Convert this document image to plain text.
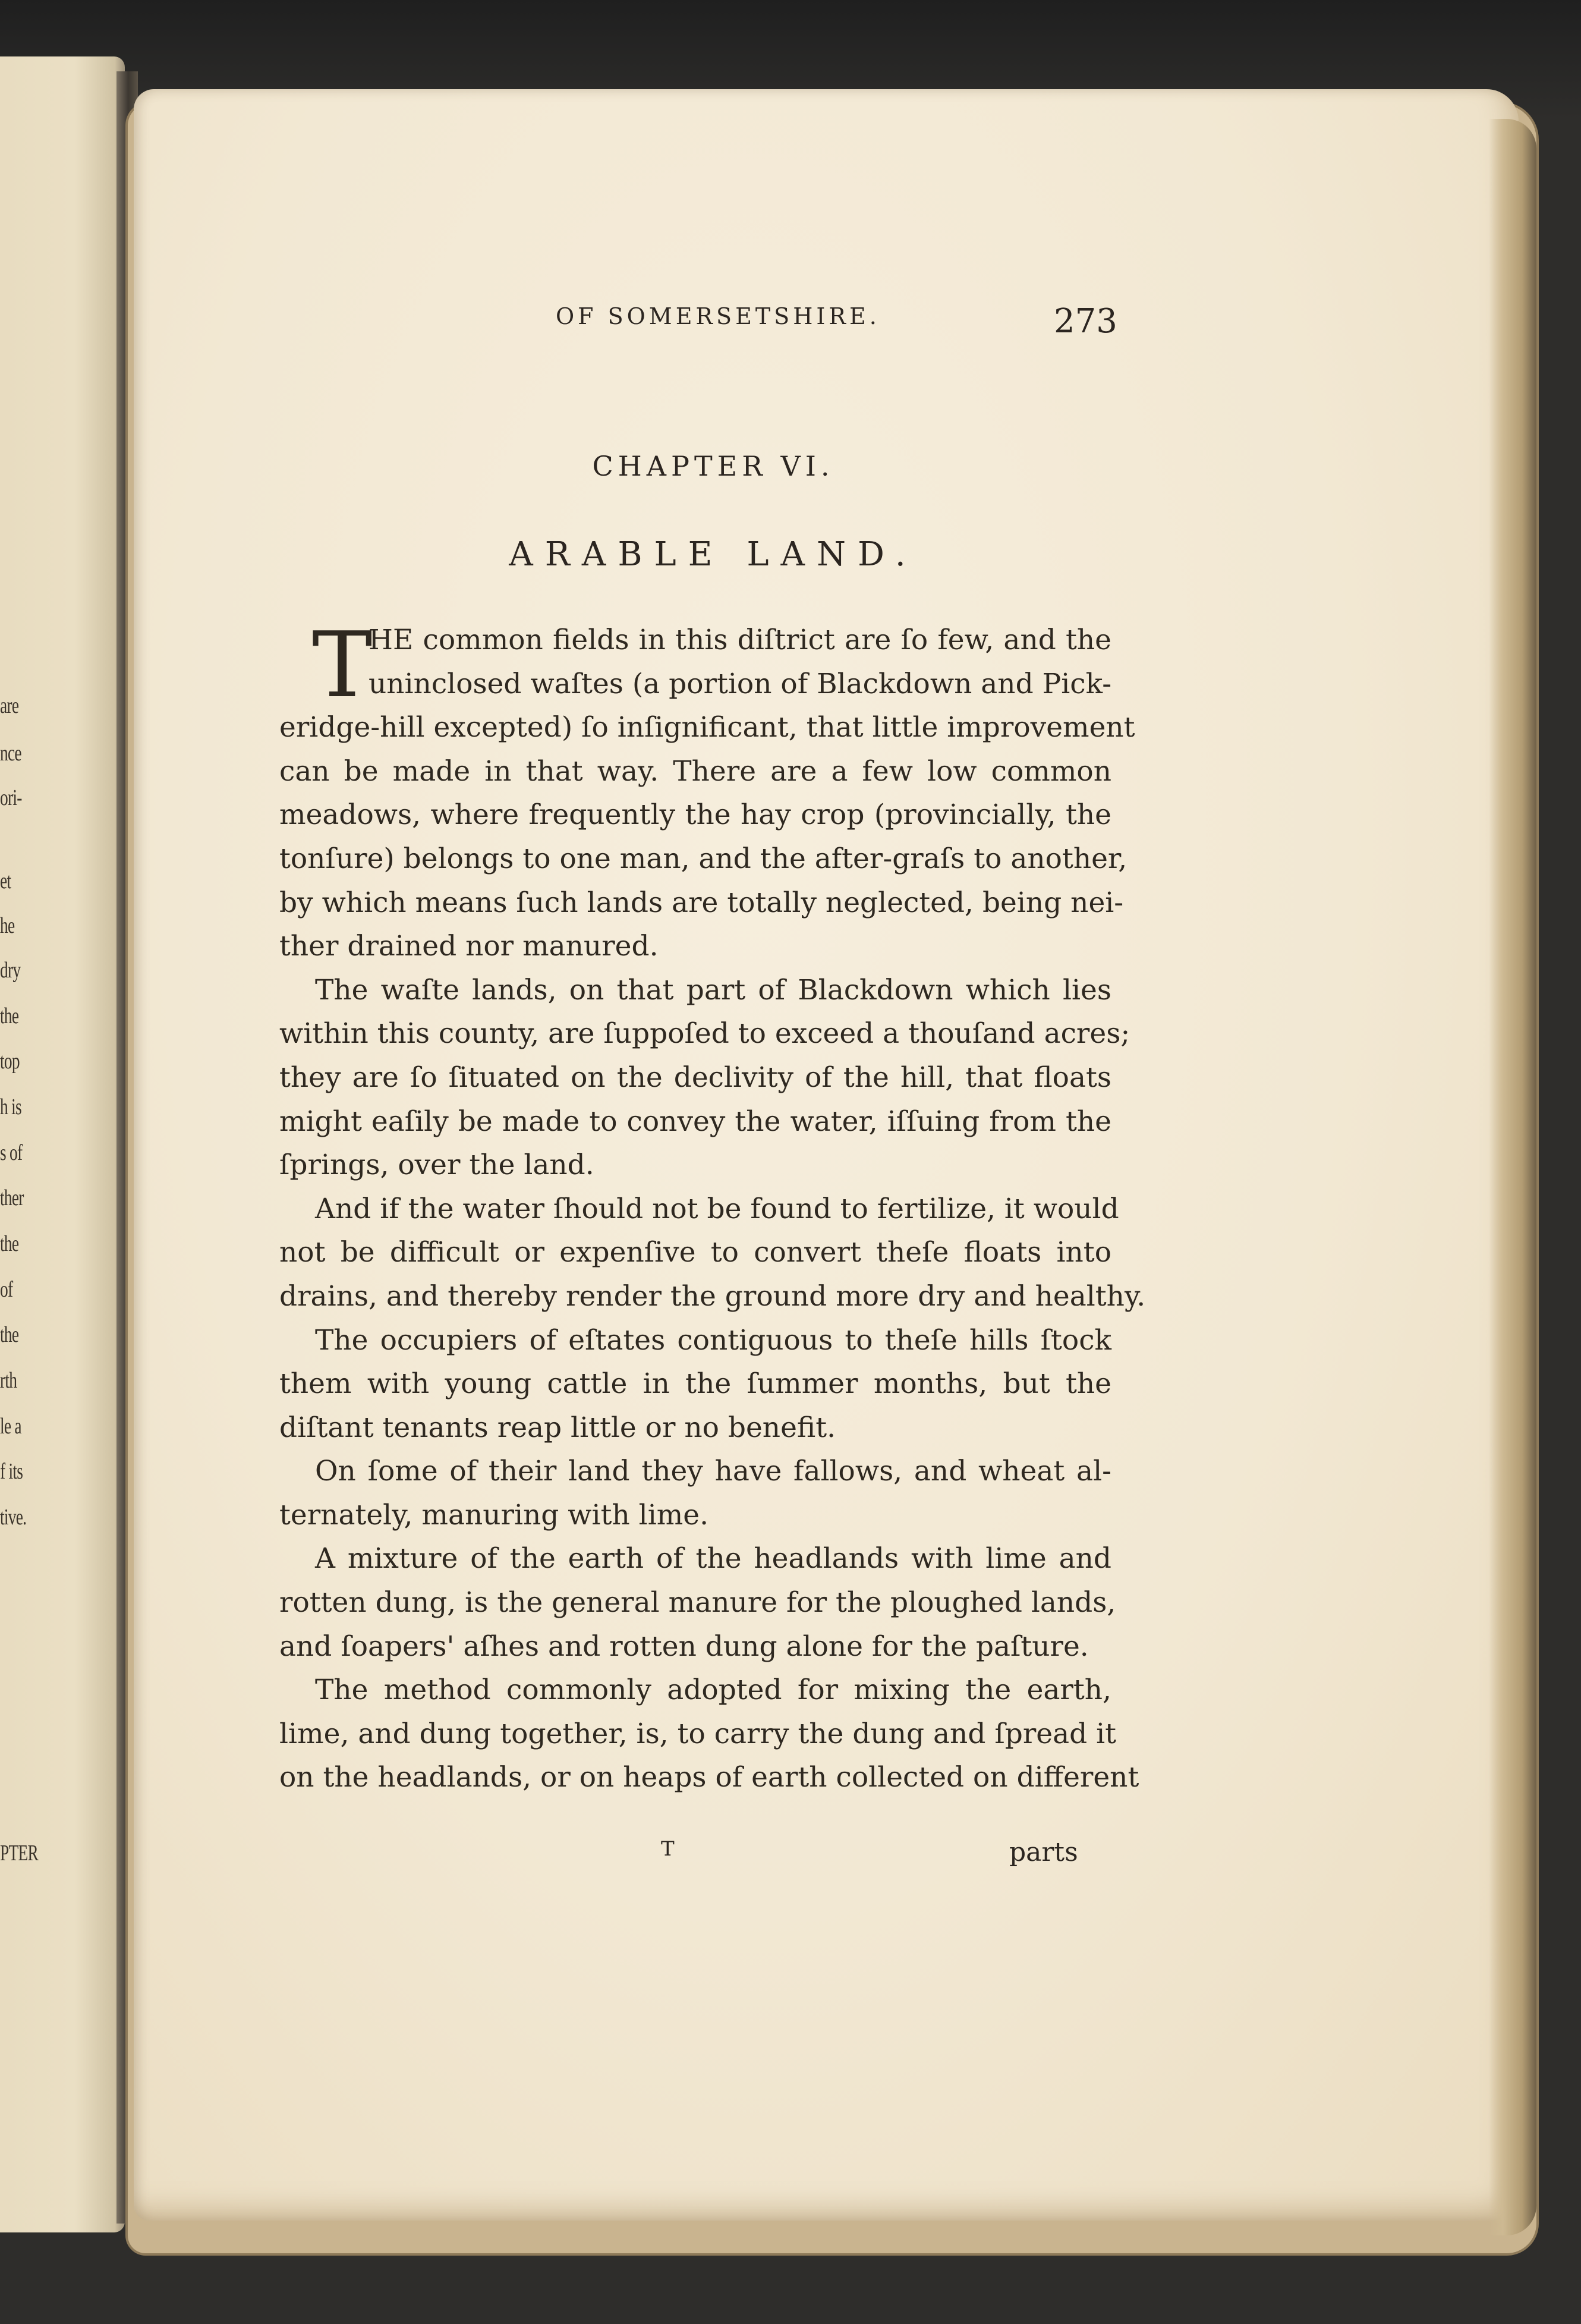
are
nce
ori-
et
he
dry
the
top
h is
s of
ther
the
of
the
rth
le a
f its
tive.
PTER
OF SOMERSETSHIRE.	273
CHAPTER VI.
ARABLE LAND.
T
HE common fields in this diſtrict are ſo few, and the
uninclosed waſtes (a portion of Blackdown and Pick-
eridge-hill excepted) ſo inſignificant, that little improvement
can be made in that way. There are a few low common
meadows, where frequently the hay crop (provincially, the
tonſure) belongs to one man, and the after-graſs to another,
by which means ſuch lands are totally neglected, being nei-
ther drained nor manured.
The waſte lands, on that part of Blackdown which lies
within this county, are ſuppoſed to exceed a thouſand acres;
they are ſo ſituated on the declivity of the hill, that floats
might eaſily be made to convey the water, iſſuing from the
ſprings, over the land.
And if the water ſhould not be found to fertilize, it would
not be difficult or expenſive to convert theſe floats into
drains, and thereby render the ground more dry and healthy.
The occupiers of eſtates contiguous to theſe hills ſtock
them with young cattle in the ſummer months, but the
diſtant tenants reap little or no benefit.
On ſome of their land they have fallows, and wheat al-
ternately, manuring with lime.
A mixture of the earth of the headlands with lime and
rotten dung, is the general manure for the ploughed lands,
and ſoapers' aſhes and rotten dung alone for the paſture.
The method commonly adopted for mixing the earth,
lime, and dung together, is, to carry the dung and ſpread it
on the headlands, or on heaps of earth collected on different
T	parts
